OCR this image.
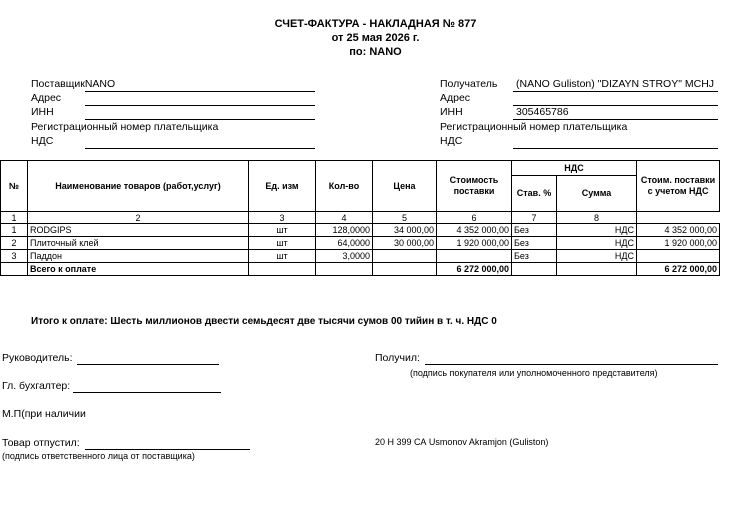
СЧЕТ-ФАКТУРА - НАКЛАДНАЯ № 877
от 25 мая 2026 г.
по: NANO
ПоставщикNANO
Адрес
ИНН
Регистрационный номер плательщика
НДС
Получатель (NANO Guliston) "DIZAYN STROY" MCHJ
Адрес
ИНН	305465786
Регистрационный номер плательщика
НДС
№	Наименование товаров (работ,услуг)	Ед. изм	Кол-во	Цена	Стоимость поставки	НДС		Стоим. поставки с учетом НДС
						Став. %	Сумма	
1	2	3	4	5	6	7	8	
1	RODGIPS	шт	128,0000	34 000,00	4 352 000,00	Без	НДС	4 352 000,00
2	Плиточный клей	шт	64,0000	30 000,00	1 920 000,00	Без	НДС	1 920 000,00
3	Паддон	шт	3,0000			Без	НДС	
	Всего к оплате				6 272 000,00			6 272 000,00
Итого к оплате: Шесть миллионов двести семьдесят две тысячи сумов 00 тийин в т. ч. НДС 0
Руководитель:
Гл. бухгалтер:
М.П(при наличии
Товар отпустил:
(подпись ответственного лица от поставщика)
Получил:
(подпись покупателя или уполномоченного представителя)
20 Н 399 СА Usmonov Akramjon (Guliston)
